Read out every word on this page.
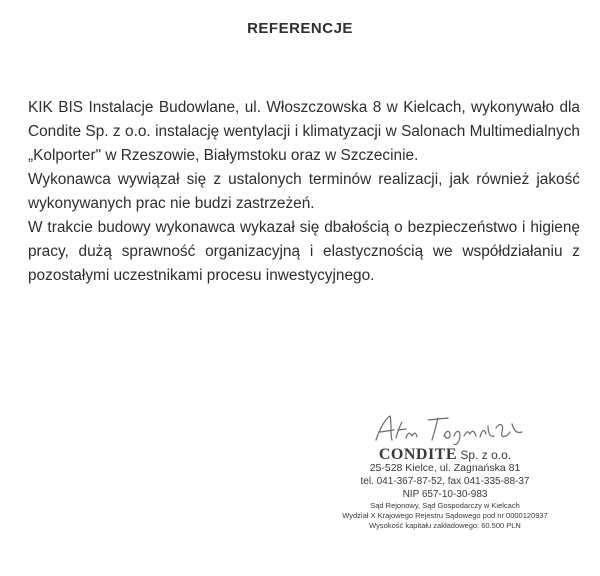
REFERENCJE

KIK BIS Instalacje Budowlane, ul. Włoszczowska 8 w Kielcach, wykonywało dla Condite Sp. z o.o. instalację wentylacji i klimatyzacji w Salonach Multimedialnych „Kolporter" w Rzeszowie, Białymstoku oraz w Szczecinie.

Wykonawca wywiązał się z ustalonych terminów realizacji, jak również jakość wykonywanych prac nie budzi zastrzeżeń.

W trakcie budowy wykonawca wykazał się dbałością o bezpieczeństwo i higienę pracy, dużą sprawność organizacyjną i elastycznością we współdziałaniu z pozostałymi uczestnikami procesu inwestycyjnego.

CONDITE Sp. z o.o.
25-528 Kielce, ul. Zagnańska 81
tel. 041-367-87-52, fax 041-335-88-37
NIP 657-10-30-983
Sąd Rejonowy, Sąd Gospodarczy w Kielcach
Wydział X Krajowego Rejestru Sądowego pod nr 0000120937
Wysokość kapitału zakładowego: 60.500 PLN
